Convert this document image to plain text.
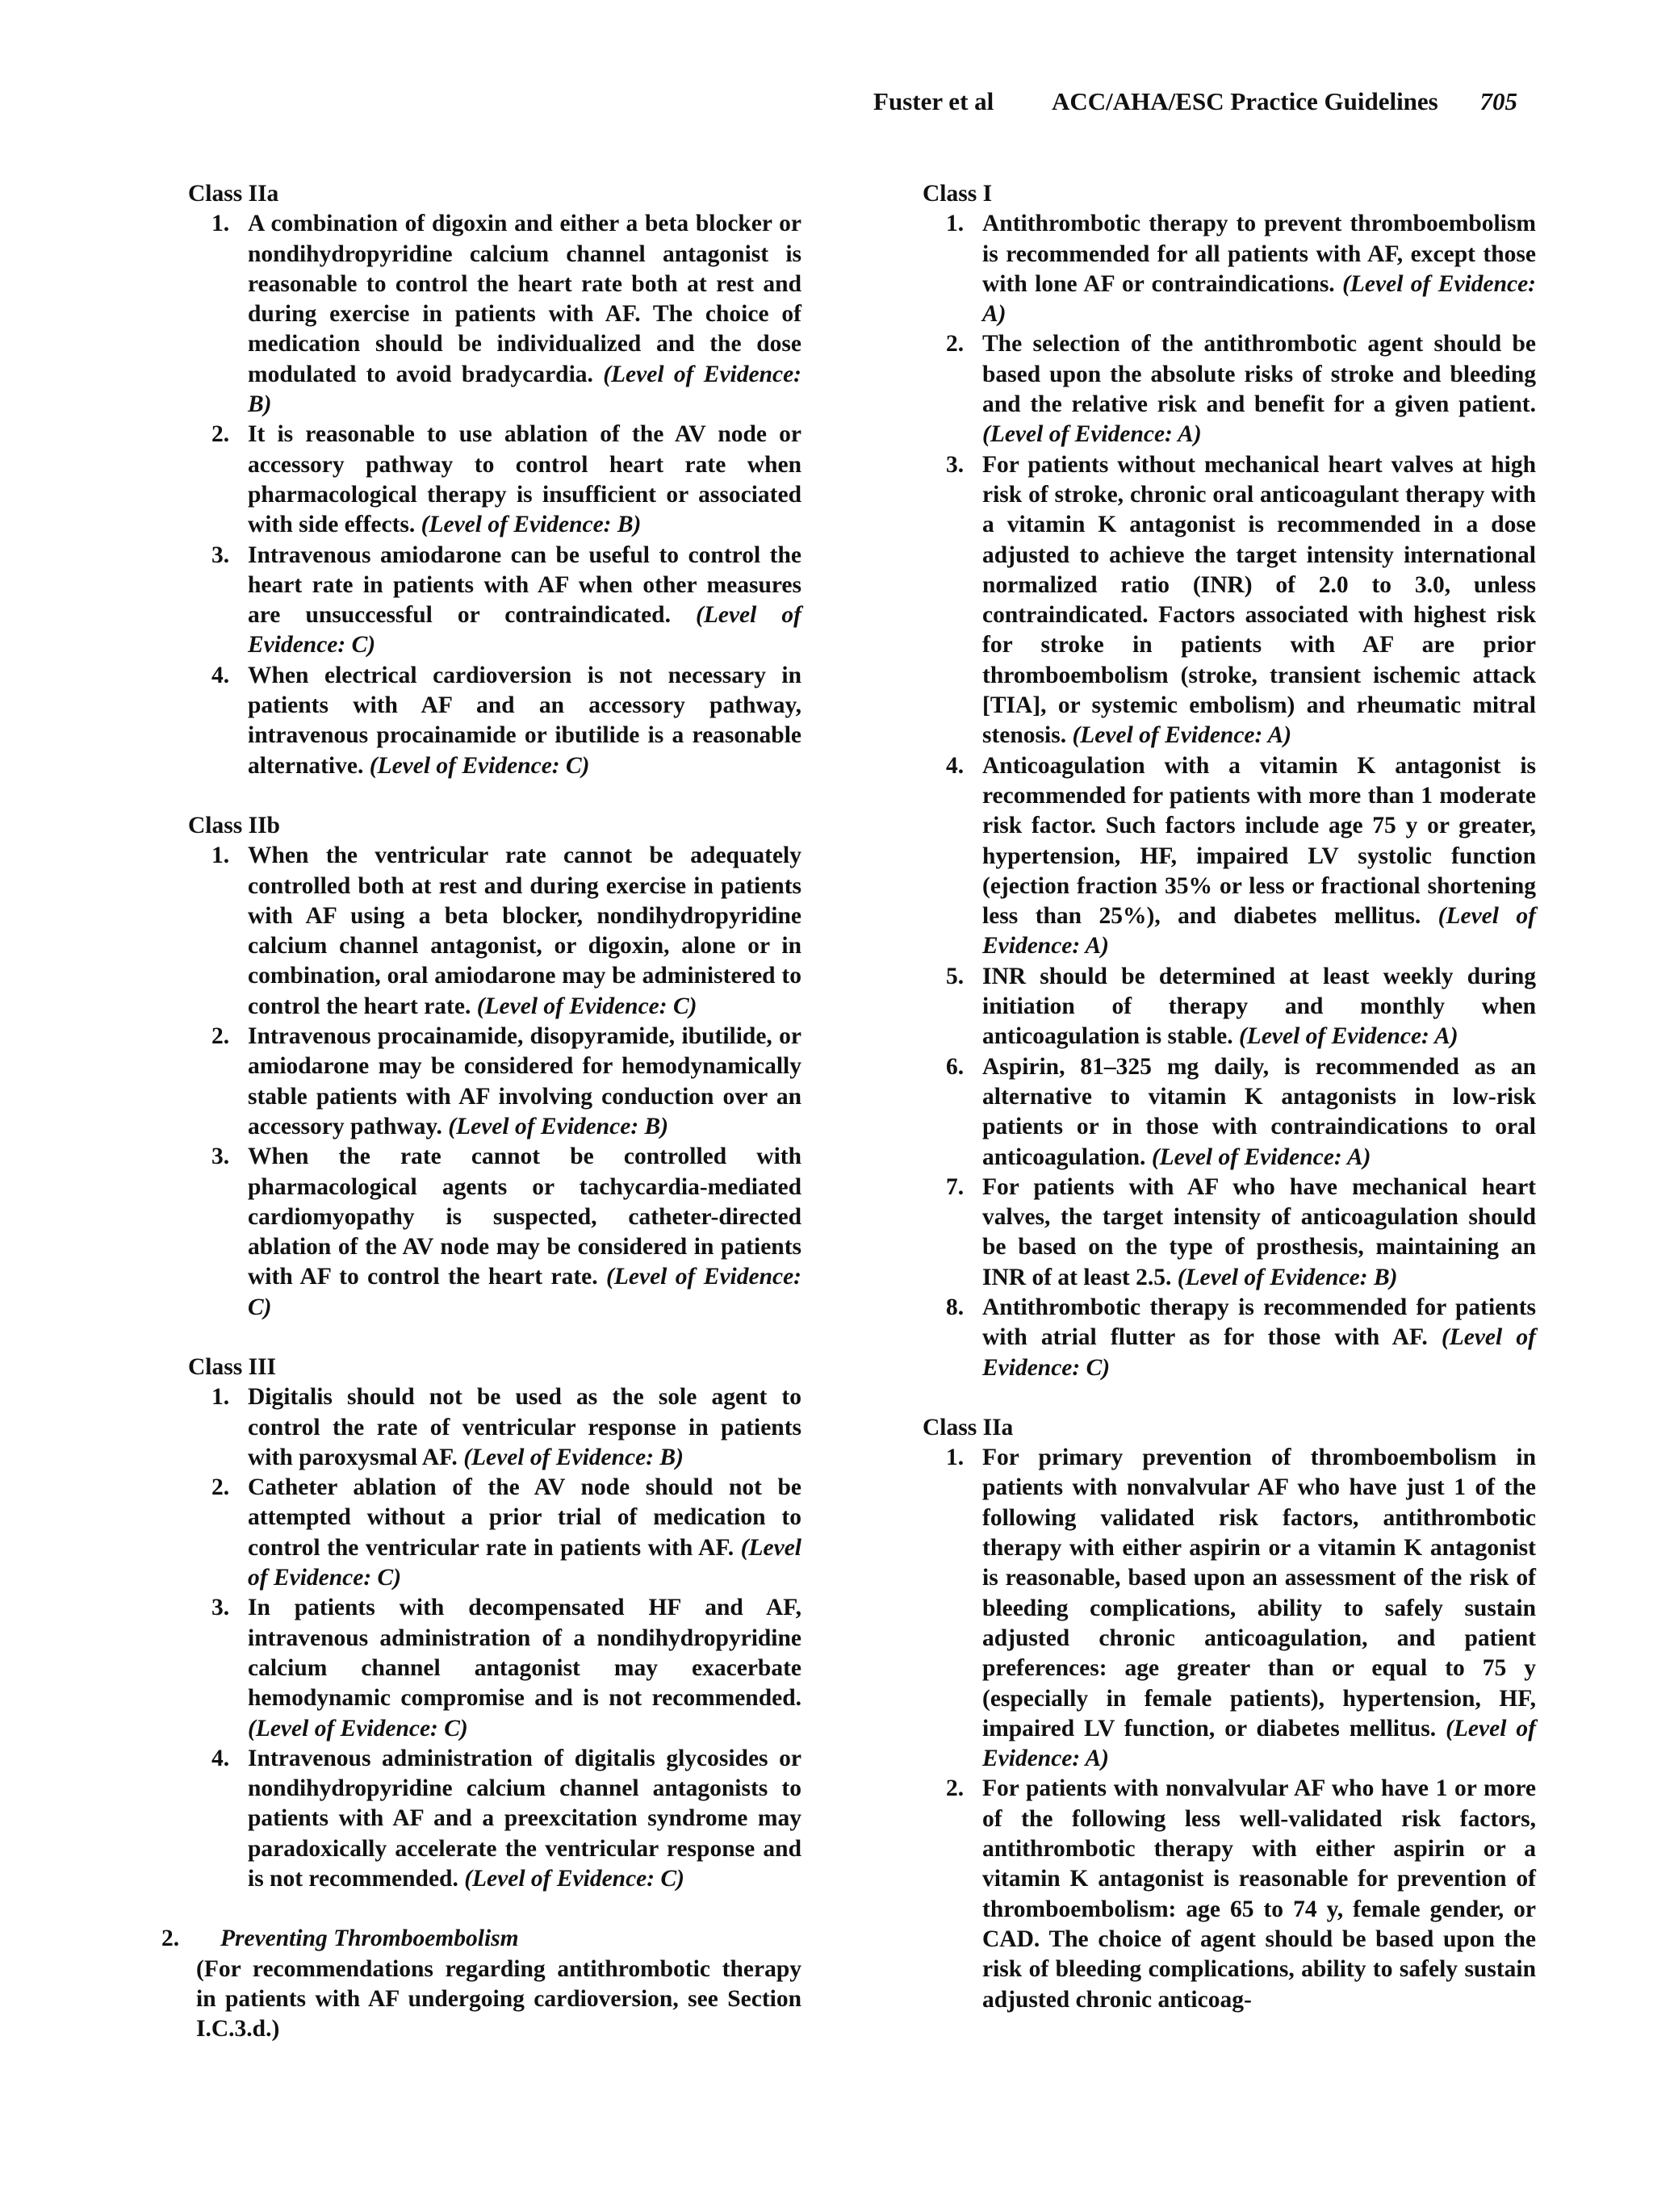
Fuster et al ACC/AHA/ESC Practice Guidelines 705
Class IIa
1. A combination of digoxin and either a beta blocker or nondihydropyridine calcium channel antagonist is reasonable to control the heart rate both at rest and during exercise in patients with AF. The choice of medication should be individualized and the dose modulated to avoid bradycardia. (Level of Evidence: B)
2. It is reasonable to use ablation of the AV node or accessory pathway to control heart rate when pharmacological therapy is insufficient or associated with side effects. (Level of Evidence: B)
3. Intravenous amiodarone can be useful to control the heart rate in patients with AF when other measures are unsuccessful or contraindicated. (Level of Evidence: C)
4. When electrical cardioversion is not necessary in patients with AF and an accessory pathway, intravenous procainamide or ibutilide is a reasonable alternative. (Level of Evidence: C)
Class IIb
1. When the ventricular rate cannot be adequately controlled both at rest and during exercise in patients with AF using a beta blocker, nondihydropyridine calcium channel antagonist, or digoxin, alone or in combination, oral amiodarone may be administered to control the heart rate. (Level of Evidence: C)
2. Intravenous procainamide, disopyramide, ibutilide, or amiodarone may be considered for hemodynamically stable patients with AF involving conduction over an accessory pathway. (Level of Evidence: B)
3. When the rate cannot be controlled with pharmacological agents or tachycardia-mediated cardiomyopathy is suspected, catheter-directed ablation of the AV node may be considered in patients with AF to control the heart rate. (Level of Evidence: C)
Class III
1. Digitalis should not be used as the sole agent to control the rate of ventricular response in patients with paroxysmal AF. (Level of Evidence: B)
2. Catheter ablation of the AV node should not be attempted without a prior trial of medication to control the ventricular rate in patients with AF. (Level of Evidence: C)
3. In patients with decompensated HF and AF, intravenous administration of a nondihydropyridine calcium channel antagonist may exacerbate hemodynamic compromise and is not recommended. (Level of Evidence: C)
4. Intravenous administration of digitalis glycosides or nondihydropyridine calcium channel antagonists to patients with AF and a preexcitation syndrome may paradoxically accelerate the ventricular response and is not recommended. (Level of Evidence: C)
2. Preventing Thromboembolism
(For recommendations regarding antithrombotic therapy in patients with AF undergoing cardioversion, see Section I.C.3.d.)
Class I
1. Antithrombotic therapy to prevent thromboembolism is recommended for all patients with AF, except those with lone AF or contraindications. (Level of Evidence: A)
2. The selection of the antithrombotic agent should be based upon the absolute risks of stroke and bleeding and the relative risk and benefit for a given patient. (Level of Evidence: A)
3. For patients without mechanical heart valves at high risk of stroke, chronic oral anticoagulant therapy with a vitamin K antagonist is recommended in a dose adjusted to achieve the target intensity international normalized ratio (INR) of 2.0 to 3.0, unless contraindicated. Factors associated with highest risk for stroke in patients with AF are prior thromboembolism (stroke, transient ischemic attack [TIA], or systemic embolism) and rheumatic mitral stenosis. (Level of Evidence: A)
4. Anticoagulation with a vitamin K antagonist is recommended for patients with more than 1 moderate risk factor. Such factors include age 75 y or greater, hypertension, HF, impaired LV systolic function (ejection fraction 35% or less or fractional shortening less than 25%), and diabetes mellitus. (Level of Evidence: A)
5. INR should be determined at least weekly during initiation of therapy and monthly when anticoagulation is stable. (Level of Evidence: A)
6. Aspirin, 81–325 mg daily, is recommended as an alternative to vitamin K antagonists in low-risk patients or in those with contraindications to oral anticoagulation. (Level of Evidence: A)
7. For patients with AF who have mechanical heart valves, the target intensity of anticoagulation should be based on the type of prosthesis, maintaining an INR of at least 2.5. (Level of Evidence: B)
8. Antithrombotic therapy is recommended for patients with atrial flutter as for those with AF. (Level of Evidence: C)
Class IIa
1. For primary prevention of thromboembolism in patients with nonvalvular AF who have just 1 of the following validated risk factors, antithrombotic therapy with either aspirin or a vitamin K antagonist is reasonable, based upon an assessment of the risk of bleeding complications, ability to safely sustain adjusted chronic anticoagulation, and patient preferences: age greater than or equal to 75 y (especially in female patients), hypertension, HF, impaired LV function, or diabetes mellitus. (Level of Evidence: A)
2. For patients with nonvalvular AF who have 1 or more of the following less well-validated risk factors, antithrombotic therapy with either aspirin or a vitamin K antagonist is reasonable for prevention of thromboembolism: age 65 to 74 y, female gender, or CAD. The choice of agent should be based upon the risk of bleeding complications, ability to safely sustain adjusted chronic anticoag-
